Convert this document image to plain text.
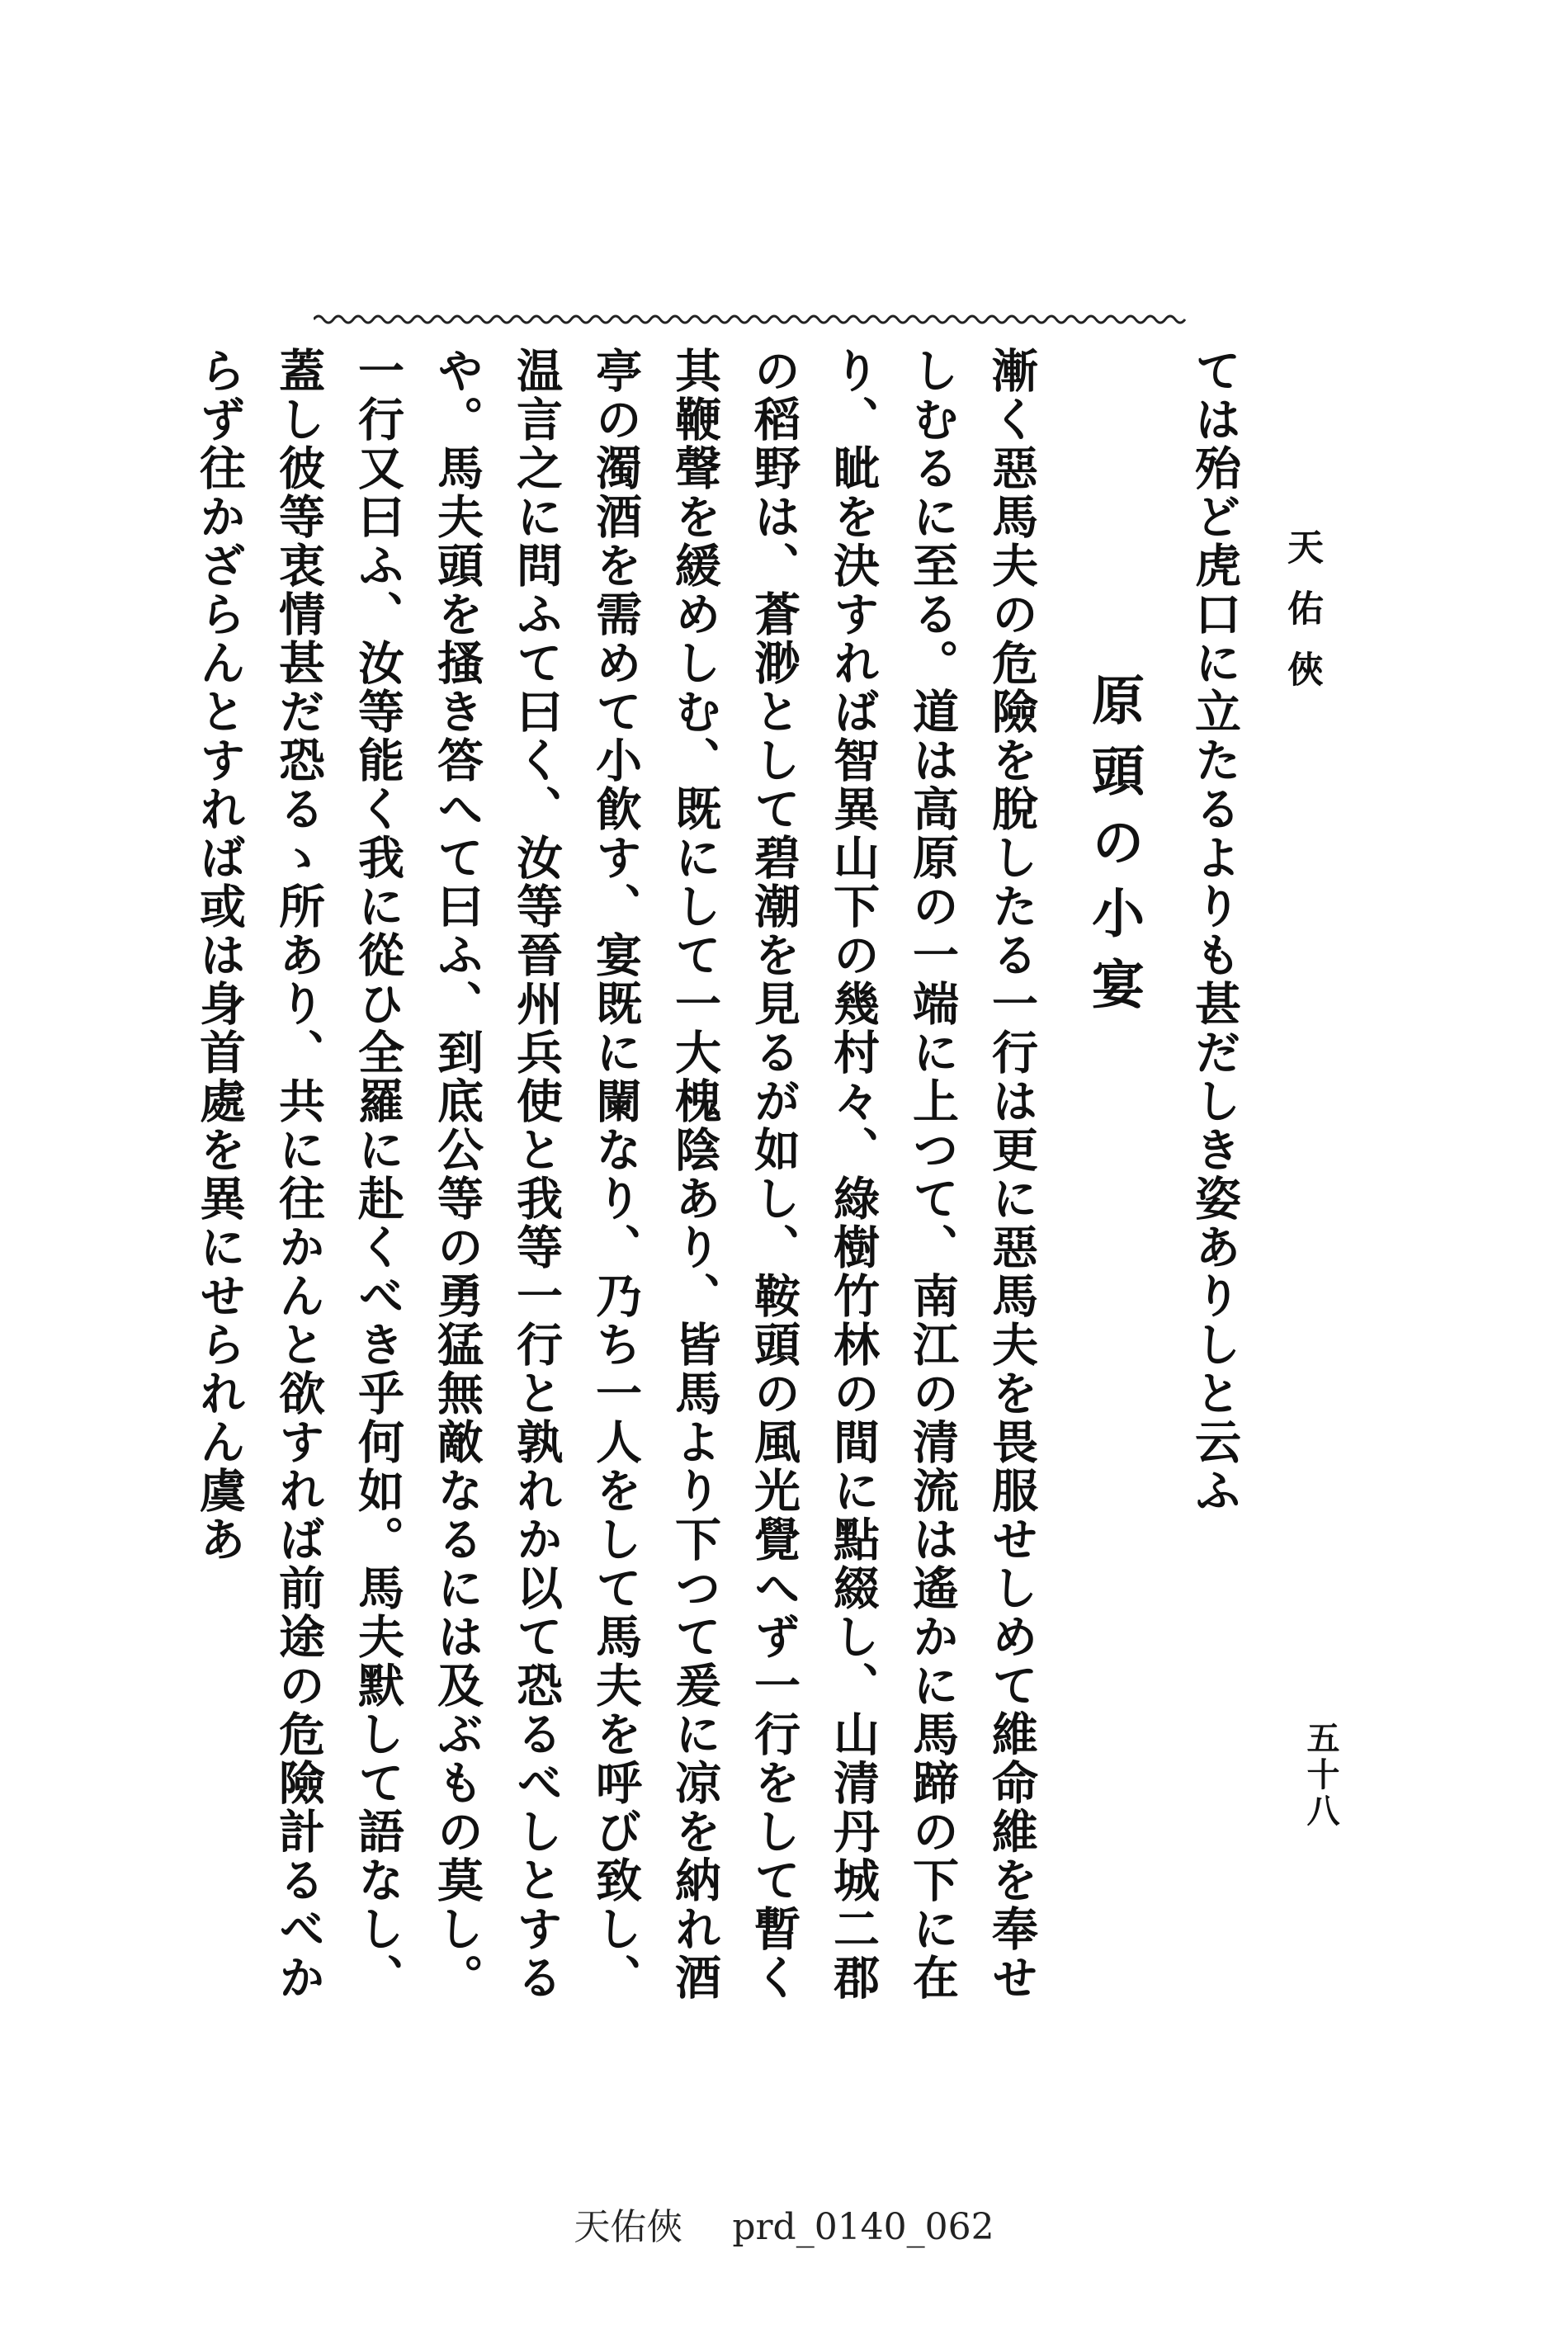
天佑俠
五十八

ては殆ど虎口に立たるよりも甚だしき姿ありしと云ふ

原頭の小宴

漸く惡馬夫の危險を脫したる一行は更に惡馬夫を畏服せしめて維命維を奉せしむるに至る。道は高原の一端に上つて、南江の清流は遙かに馬蹄の下に在り、眦を決すれば智異山下の幾村々、綠樹竹林の間に點綴し、山清丹城二郡の稻野は、蒼渺として碧潮を見るが如し、鞍頭の風光覺へず一行をして暫く其鞭聲を緩めしむ、既にして一大槐陰あり、皆馬より下つて爰に凉を納れ酒亭の濁酒を需めて小飮す、宴既に闌なり、乃ち一人をして馬夫を呼び致し、温言之に問ふて曰く、汝等晉州兵使と我等一行と孰れか以て恐るべしとするや。馬夫頭を搔き答へて曰ふ、到底公等の勇猛無敵なるには及ぶもの莫し。一行又曰ふ、汝等能く我に從ひ全羅に赴くべき乎何如。馬夫默して語なし、蓋し彼等衷情甚だ恐るゝ所あり、共に往かんと欲すれば前途の危險計るべからず往かざらんとすれば或は身首處を異にせられん虞あ

天佑俠 prd_0140_062
